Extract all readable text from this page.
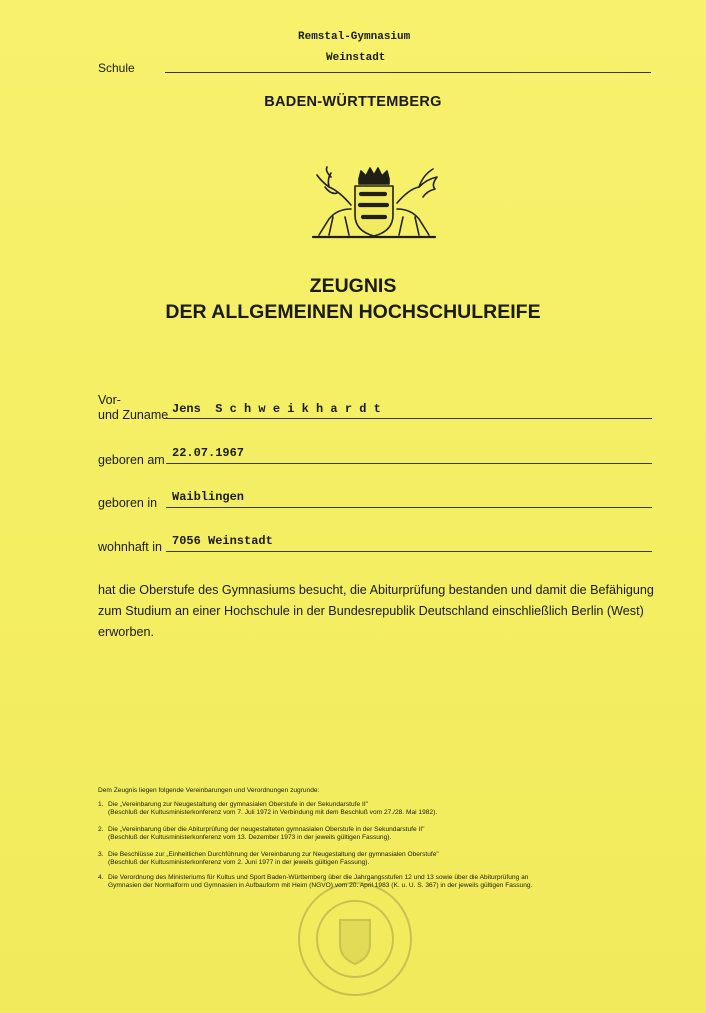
Remstal-Gymnasium
Weinstadt
Schule
BADEN-WÜRTTEMBERG
ZEUGNIS
DER ALLGEMEINEN HOCHSCHULREIFE
Vor-
und Zuname Jens  S c h w e i k h a r d t
geboren am 22.07.1967
geboren in Waiblingen
wohnhaft in 7056 Weinstadt
hat die Oberstufe des Gymnasiums besucht, die Abiturprüfung bestanden und damit die Befähigung zum Studium an einer Hochschule in der Bundesrepublik Deutschland einschließlich Berlin (West) erworben.
Dem Zeugnis liegen folgende Vereinbarungen und Verordnungen zugrunde:
1. Die „Vereinbarung zur Neugestaltung der gymnasialen Oberstufe in der Sekundarstufe II"
(Beschluß der Kultusministerkonferenz vom 7. Juli 1972 in Verbindung mit dem Beschluß vom 27./28. Mai 1982).
2. Die „Vereinbarung über die Abiturprüfung der neugestalteten gymnasialen Oberstufe in der Sekundarstufe II"
(Beschluß der Kultusministerkonferenz vom 13. Dezember 1973 in der jeweils gültigen Fassung).
3. Die Beschlüsse zur „Einheitlichen Durchführung der Vereinbarung zur Neugestaltung der gymnasialen Oberstufe"
(Beschluß der Kultusministerkonferenz vom 2. Juni 1977 in der jeweils gültigen Fassung).
4. Die Verordnung des Ministeriums für Kultus und Sport Baden-Württemberg über die Jahrgangsstufen 12 und 13 sowie über die Abiturprüfung an
Gymnasien der Normalform und Gymnasien in Aufbauform mit Heim (NGVO) vom 20. April 1983 (K. u. U. S. 367) in der jeweils gültigen Fassung.
